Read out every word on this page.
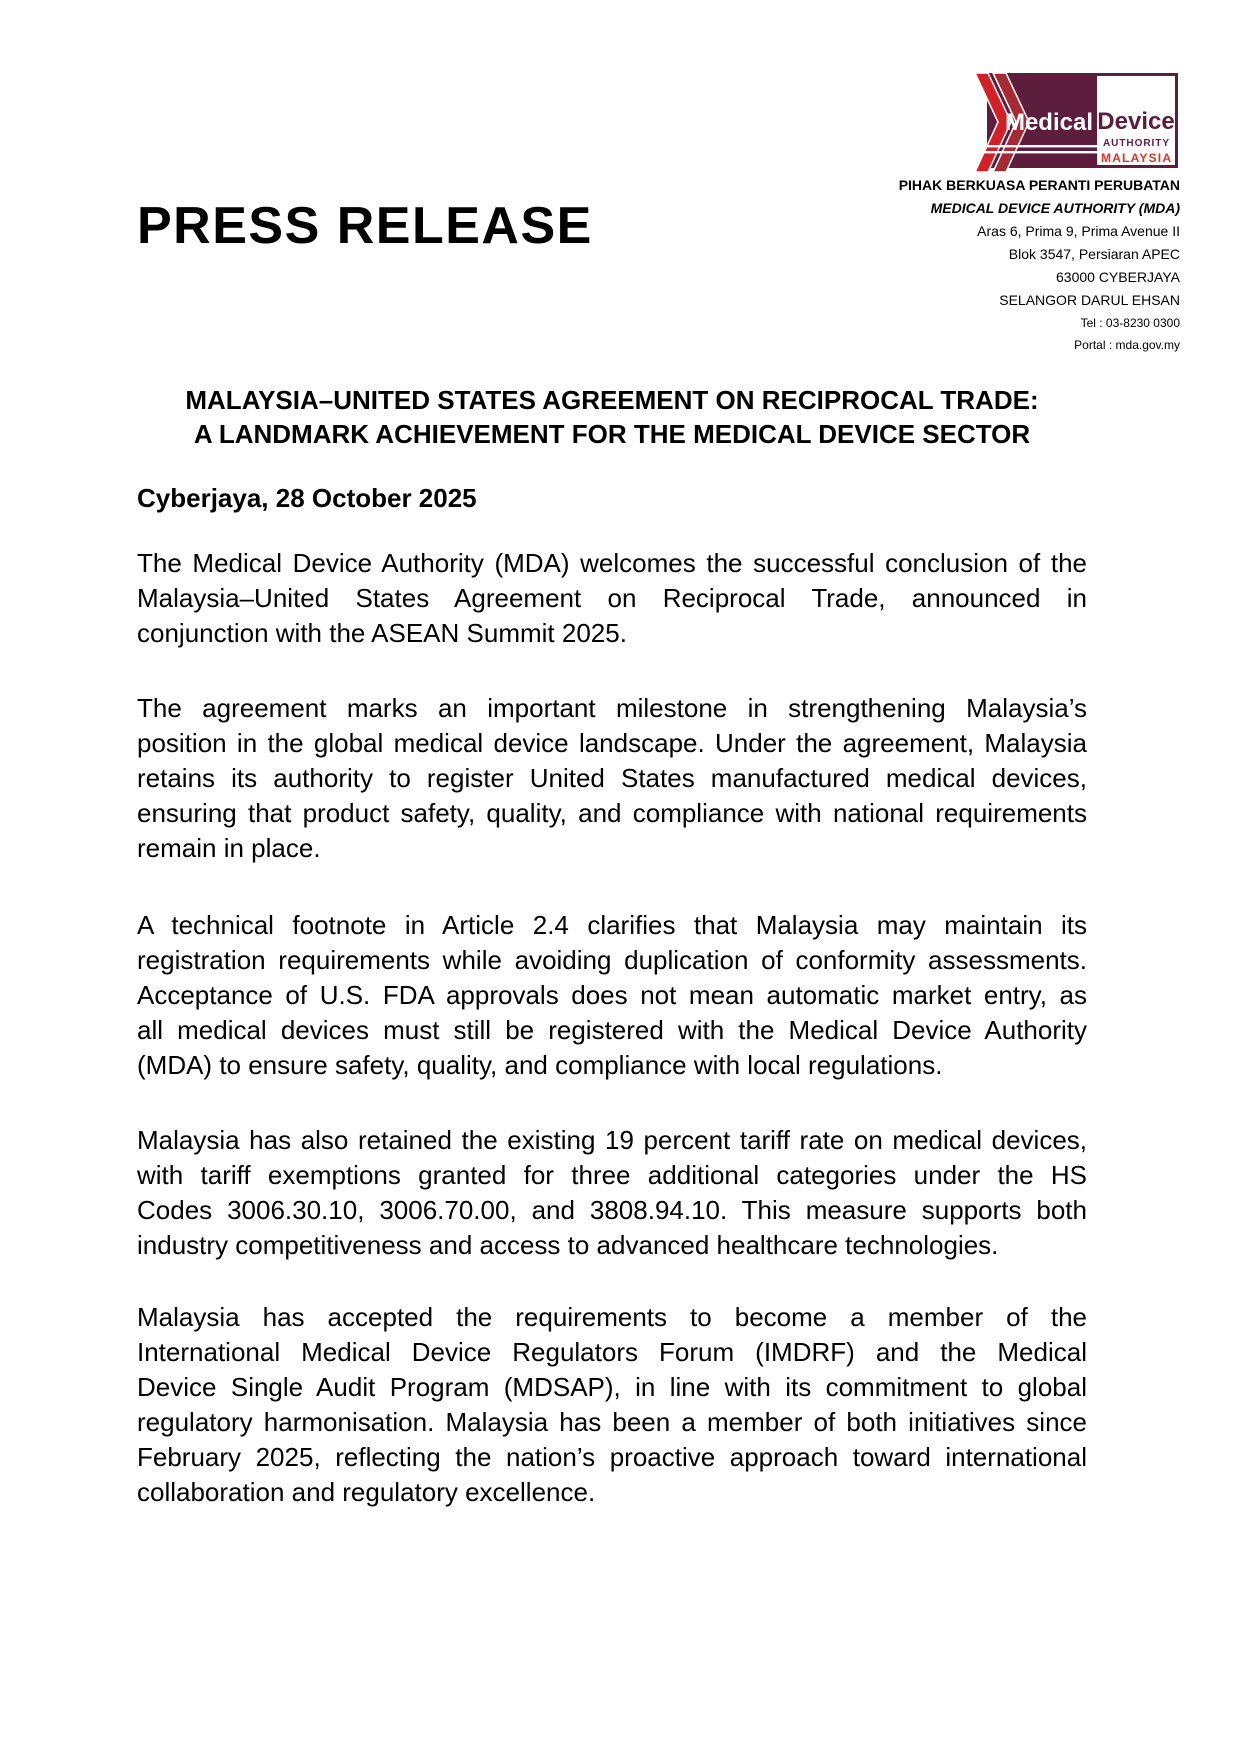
Medical Device
AUTHORITY
MALAYSIA
PIHAK BERKUASA PERANTI PERUBATAN
MEDICAL DEVICE AUTHORITY (MDA)
Aras 6, Prima 9, Prima Avenue II
Blok 3547, Persiaran APEC
63000 CYBERJAYA
SELANGOR DARUL EHSAN
Tel : 03-8230 0300
Portal : mda.gov.my
PRESS RELEASE
MALAYSIA–UNITED STATES AGREEMENT ON RECIPROCAL TRADE:
A LANDMARK ACHIEVEMENT FOR THE MEDICAL DEVICE SECTOR
Cyberjaya, 28 October 2025
The Medical Device Authority (MDA) welcomes the successful conclusion of the
Malaysia–United States Agreement on Reciprocal Trade, announced in
conjunction with the ASEAN Summit 2025.
The agreement marks an important milestone in strengthening Malaysia’s
position in the global medical device landscape. Under the agreement, Malaysia
retains its authority to register United States manufactured medical devices,
ensuring that product safety, quality, and compliance with national requirements
remain in place.
A technical footnote in Article 2.4 clarifies that Malaysia may maintain its
registration requirements while avoiding duplication of conformity assessments.
Acceptance of U.S. FDA approvals does not mean automatic market entry, as
all medical devices must still be registered with the Medical Device Authority
(MDA) to ensure safety, quality, and compliance with local regulations.
Malaysia has also retained the existing 19 percent tariff rate on medical devices,
with tariff exemptions granted for three additional categories under the HS
Codes 3006.30.10, 3006.70.00, and 3808.94.10. This measure supports both
industry competitiveness and access to advanced healthcare technologies.
Malaysia has accepted the requirements to become a member of the
International Medical Device Regulators Forum (IMDRF) and the Medical
Device Single Audit Program (MDSAP), in line with its commitment to global
regulatory harmonisation. Malaysia has been a member of both initiatives since
February 2025, reflecting the nation’s proactive approach toward international
collaboration and regulatory excellence.
